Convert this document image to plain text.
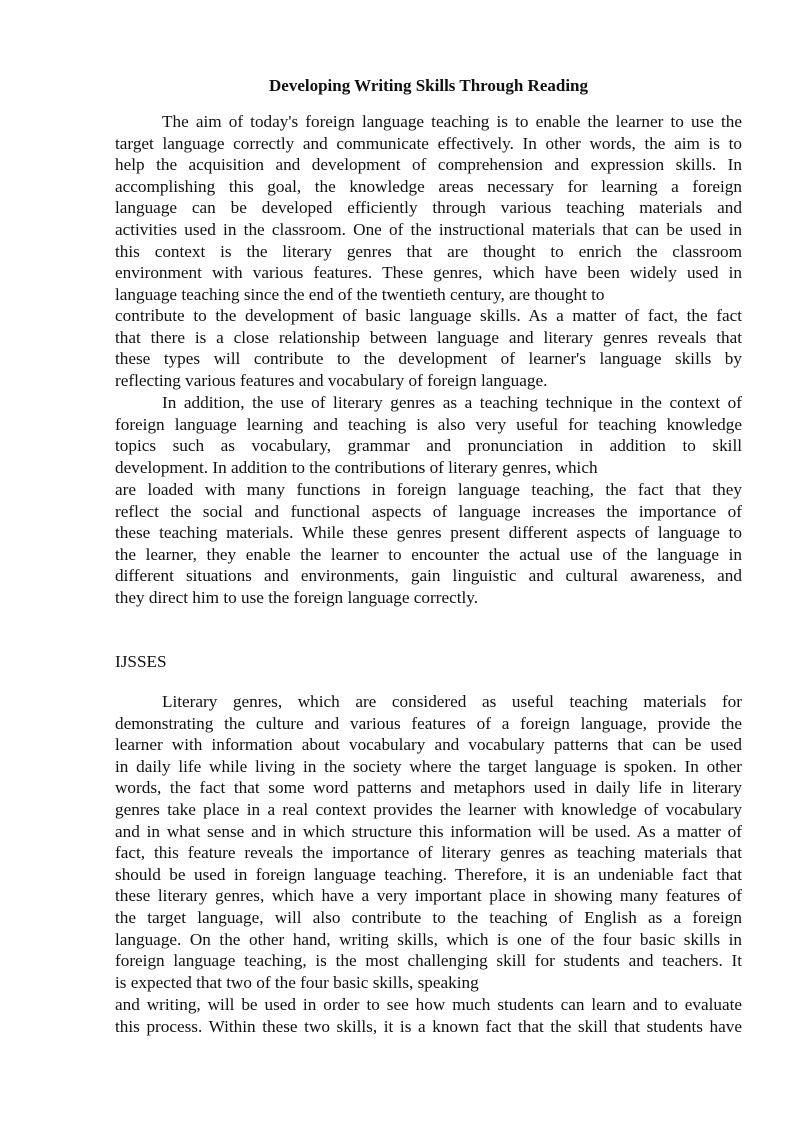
Developing Writing Skills Through Reading
The aim of today's foreign language teaching is to enable the learner to use the
target language correctly and communicate effectively. In other words, the aim is to
help the acquisition and development of comprehension and expression skills. In
accomplishing this goal, the knowledge areas necessary for learning a foreign
language can be developed efficiently through various teaching materials and
activities used in the classroom. One of the instructional materials that can be used in
this context is the literary genres that are thought to enrich the classroom
environment with various features. These genres, which have been widely used in
language teaching since the end of the twentieth century, are thought to
contribute to the development of basic language skills. As a matter of fact, the fact
that there is a close relationship between language and literary genres reveals that
these types will contribute to the development of learner's language skills by
reflecting various features and vocabulary of foreign language.
In addition, the use of literary genres as a teaching technique in the context of
foreign language learning and teaching is also very useful for teaching knowledge
topics such as vocabulary, grammar and pronunciation in addition to skill
development. In addition to the contributions of literary genres, which
are loaded with many functions in foreign language teaching, the fact that they
reflect the social and functional aspects of language increases the importance of
these teaching materials. While these genres present different aspects of language to
the learner, they enable the learner to encounter the actual use of the language in
different situations and environments, gain linguistic and cultural awareness, and
they direct him to use the foreign language correctly.
IJSSES
Literary genres, which are considered as useful teaching materials for
demonstrating the culture and various features of a foreign language, provide the
learner with information about vocabulary and vocabulary patterns that can be used
in daily life while living in the society where the target language is spoken. In other
words, the fact that some word patterns and metaphors used in daily life in literary
genres take place in a real context provides the learner with knowledge of vocabulary
and in what sense and in which structure this information will be used. As a matter of
fact, this feature reveals the importance of literary genres as teaching materials that
should be used in foreign language teaching. Therefore, it is an undeniable fact that
these literary genres, which have a very important place in showing many features of
the target language, will also contribute to the teaching of English as a foreign
language. On the other hand, writing skills, which is one of the four basic skills in
foreign language teaching, is the most challenging skill for students and teachers. It
is expected that two of the four basic skills, speaking
and writing, will be used in order to see how much students can learn and to evaluate
this process. Within these two skills, it is a known fact that the skill that students have
